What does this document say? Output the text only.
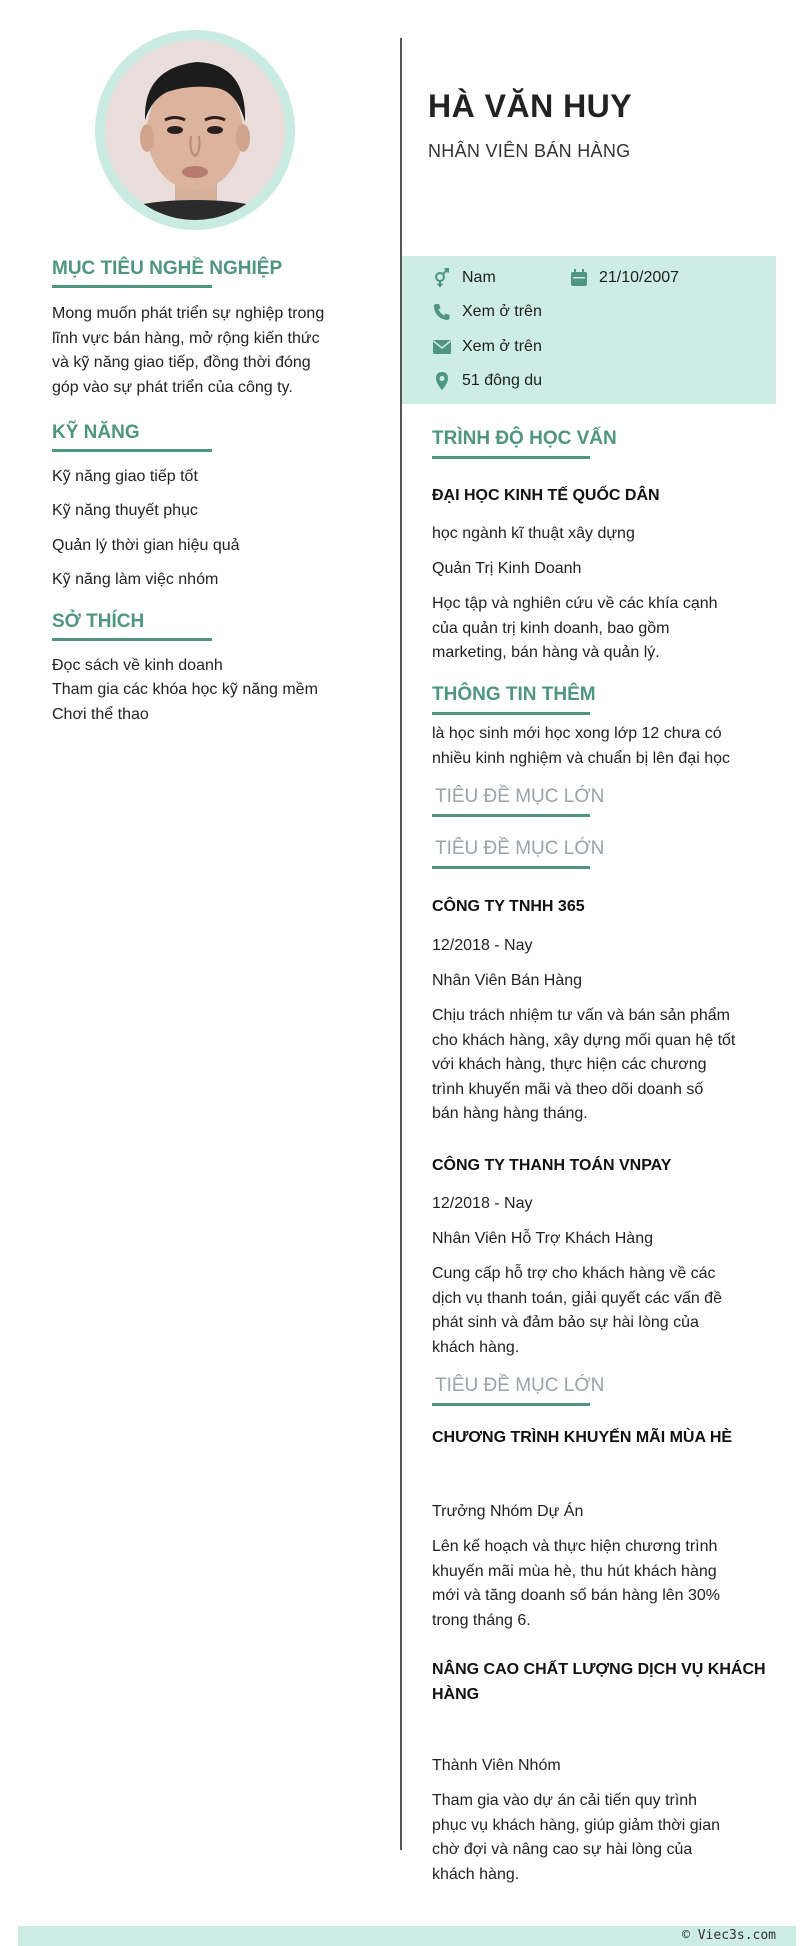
MỤC TIÊU NGHỀ NGHIỆP
Mong muốn phát triển sự nghiệp trong
lĩnh vực bán hàng, mở rộng kiến thức
và kỹ năng giao tiếp, đồng thời đóng
góp vào sự phát triển của công ty.
KỸ NĂNG
Kỹ năng giao tiếp tốt
Kỹ năng thuyết phục
Quản lý thời gian hiệu quả
Kỹ năng làm việc nhóm
SỞ THÍCH
Đọc sách về kinh doanh
Tham gia các khóa học kỹ năng mềm
Chơi thể thao
HÀ VĂN HUY
NHÂN VIÊN BÁN HÀNG
Nam	21/10/2007
Xem ở trên
Xem ở trên
51 đông du
TRÌNH ĐỘ HỌC VẤN
ĐẠI HỌC KINH TẾ QUỐC DÂN
học ngành kĩ thuật xây dựng
Quản Trị Kinh Doanh
Học tập và nghiên cứu về các khía cạnh
của quản trị kinh doanh, bao gồm
marketing, bán hàng và quản lý.
THÔNG TIN THÊM
là học sinh mới học xong lớp 12 chưa có
nhiều kinh nghiệm và chuẩn bị lên đại học
TIÊU ĐỀ MỤC LỚN
TIÊU ĐỀ MỤC LỚN
CÔNG TY TNHH 365
12/2018 - Nay
Nhân Viên Bán Hàng
Chịu trách nhiệm tư vấn và bán sản phẩm
cho khách hàng, xây dựng mối quan hệ tốt
với khách hàng, thực hiện các chương
trình khuyến mãi và theo dõi doanh số
bán hàng hàng tháng.
CÔNG TY THANH TOÁN VNPAY
12/2018 - Nay
Nhân Viên Hỗ Trợ Khách Hàng
Cung cấp hỗ trợ cho khách hàng về các
dịch vụ thanh toán, giải quyết các vấn đề
phát sinh và đảm bảo sự hài lòng của
khách hàng.
TIÊU ĐỀ MỤC LỚN
CHƯƠNG TRÌNH KHUYẾN MÃI MÙA HÈ
Trưởng Nhóm Dự Án
Lên kế hoạch và thực hiện chương trình
khuyến mãi mùa hè, thu hút khách hàng
mới và tăng doanh số bán hàng lên 30%
trong tháng 6.
NÂNG CAO CHẤT LƯỢNG DỊCH VỤ KHÁCH
HÀNG
Thành Viên Nhóm
Tham gia vào dự án cải tiến quy trình
phục vụ khách hàng, giúp giảm thời gian
chờ đợi và nâng cao sự hài lòng của
khách hàng.
© Viec3s.com
